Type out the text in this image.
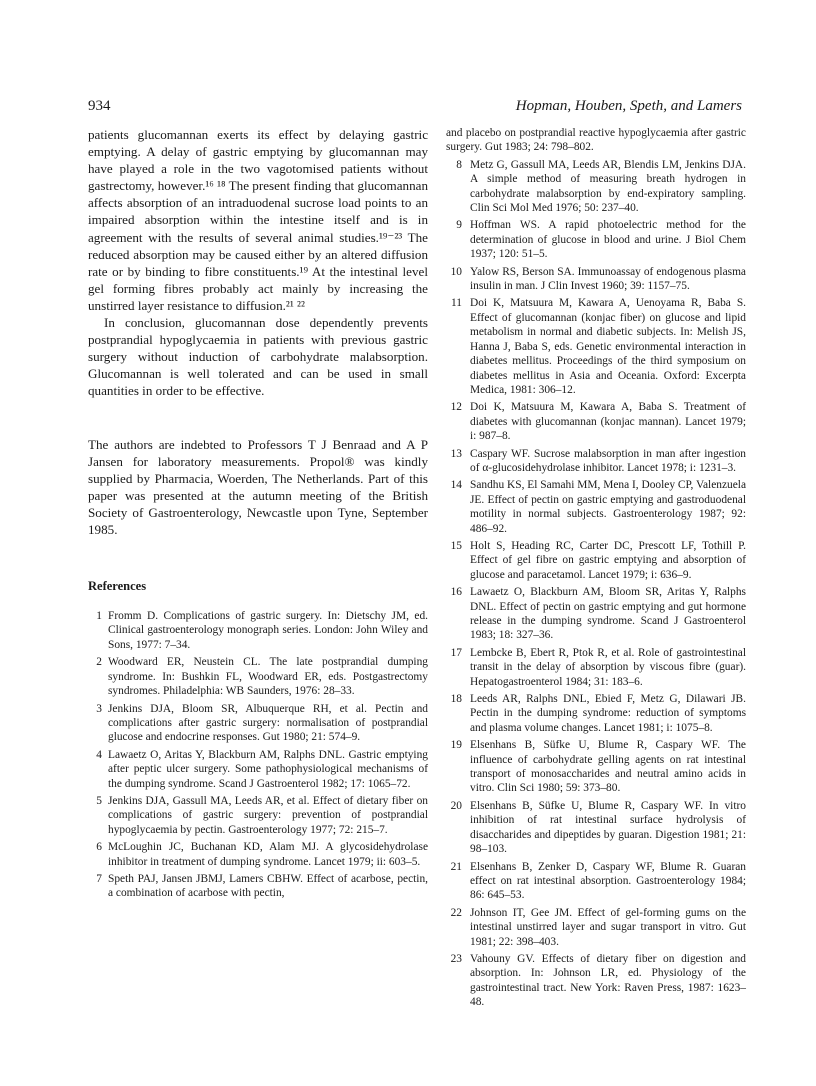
934	Hopman, Houben, Speth, and Lamers

patients glucomannan exerts its effect by delaying gastric emptying. A delay of gastric emptying by glucomannan may have played a role in the two vagotomised patients without gastrectomy, however.¹⁶ ¹⁸ The present finding that glucomannan affects absorption of an intraduodenal sucrose load points to an impaired absorption within the intestine itself and is in agreement with the results of several animal studies.¹⁹⁻²³ The reduced absorption may be caused either by an altered diffusion rate or by binding to fibre constituents.¹⁹ At the intestinal level gel forming fibres probably act mainly by increasing the unstirred layer resistance to diffusion.²¹ ²²

In conclusion, glucomannan dose dependently prevents postprandial hypoglycaemia in patients with previous gastric surgery without induction of carbohydrate malabsorption. Glucomannan is well tolerated and can be used in small quantities in order to be effective.

The authors are indebted to Professors T J Benraad and A P Jansen for laboratory measurements. Propol® was kindly supplied by Pharmacia, Woerden, The Netherlands. Part of this paper was presented at the autumn meeting of the British Society of Gastroenterology, Newcastle upon Tyne, September 1985.

References
1 Fromm D. Complications of gastric surgery. In: Dietschy JM, ed. Clinical gastroenterology monograph series. London: John Wiley and Sons, 1977: 7–34.
2 Woodward ER, Neustein CL. The late postprandial dumping syndrome. In: Bushkin FL, Woodward ER, eds. Postgastrectomy syndromes. Philadelphia: WB Saunders, 1976: 28–33.
3 Jenkins DJA, Bloom SR, Albuquerque RH, et al. Pectin and complications after gastric surgery: normalisation of postprandial glucose and endocrine responses. Gut 1980; 21: 574–9.
4 Lawaetz O, Aritas Y, Blackburn AM, Ralphs DNL. Gastric emptying after peptic ulcer surgery. Some pathophysiological mechanisms of the dumping syndrome. Scand J Gastroenterol 1982; 17: 1065–72.
5 Jenkins DJA, Gassull MA, Leeds AR, et al. Effect of dietary fiber on complications of gastric surgery: prevention of postprandial hypoglycaemia by pectin. Gastroenterology 1977; 72: 215–7.
6 McLoughin JC, Buchanan KD, Alam MJ. A glycosidehydrolase inhibitor in treatment of dumping syndrome. Lancet 1979; ii: 603–5.
7 Speth PAJ, Jansen JBMJ, Lamers CBHW. Effect of acarbose, pectin, a combination of acarbose with pectin,
and placebo on postprandial reactive hypoglycaemia after gastric surgery. Gut 1983; 24: 798–802.
8 Metz G, Gassull MA, Leeds AR, Blendis LM, Jenkins DJA. A simple method of measuring breath hydrogen in carbohydrate malabsorption by end-expiratory sampling. Clin Sci Mol Med 1976; 50: 237–40.
9 Hoffman WS. A rapid photoelectric method for the determination of glucose in blood and urine. J Biol Chem 1937; 120: 51–5.
10 Yalow RS, Berson SA. Immunoassay of endogenous plasma insulin in man. J Clin Invest 1960; 39: 1157–75.
11 Doi K, Matsuura M, Kawara A, Uenoyama R, Baba S. Effect of glucomannan (konjac fiber) on glucose and lipid metabolism in normal and diabetic subjects. In: Melish JS, Hanna J, Baba S, eds. Genetic environmental interaction in diabetes mellitus. Proceedings of the third symposium on diabetes mellitus in Asia and Oceania. Oxford: Excerpta Medica, 1981: 306–12.
12 Doi K, Matsuura M, Kawara A, Baba S. Treatment of diabetes with glucomannan (konjac mannan). Lancet 1979; i: 987–8.
13 Caspary WF. Sucrose malabsorption in man after ingestion of α-glucosidehydrolase inhibitor. Lancet 1978; i: 1231–3.
14 Sandhu KS, El Samahi MM, Mena I, Dooley CP, Valenzuela JE. Effect of pectin on gastric emptying and gastroduodenal motility in normal subjects. Gastroenterology 1987; 92: 486–92.
15 Holt S, Heading RC, Carter DC, Prescott LF, Tothill P. Effect of gel fibre on gastric emptying and absorption of glucose and paracetamol. Lancet 1979; i: 636–9.
16 Lawaetz O, Blackburn AM, Bloom SR, Aritas Y, Ralphs DNL. Effect of pectin on gastric emptying and gut hormone release in the dumping syndrome. Scand J Gastroenterol 1983; 18: 327–36.
17 Lembcke B, Ebert R, Ptok R, et al. Role of gastrointestinal transit in the delay of absorption by viscous fibre (guar). Hepatogastroenterol 1984; 31: 183–6.
18 Leeds AR, Ralphs DNL, Ebied F, Metz G, Dilawari JB. Pectin in the dumping syndrome: reduction of symptoms and plasma volume changes. Lancet 1981; i: 1075–8.
19 Elsenhans B, Süfke U, Blume R, Caspary WF. The influence of carbohydrate gelling agents on rat intestinal transport of monosaccharides and neutral amino acids in vitro. Clin Sci 1980; 59: 373–80.
20 Elsenhans B, Süfke U, Blume R, Caspary WF. In vitro inhibition of rat intestinal surface hydrolysis of disaccharides and dipeptides by guaran. Digestion 1981; 21: 98–103.
21 Elsenhans B, Zenker D, Caspary WF, Blume R. Guaran effect on rat intestinal absorption. Gastroenterology 1984; 86: 645–53.
22 Johnson IT, Gee JM. Effect of gel-forming gums on the intestinal unstirred layer and sugar transport in vitro. Gut 1981; 22: 398–403.
23 Vahouny GV. Effects of dietary fiber on digestion and absorption. In: Johnson LR, ed. Physiology of the gastrointestinal tract. New York: Raven Press, 1987: 1623–48.
